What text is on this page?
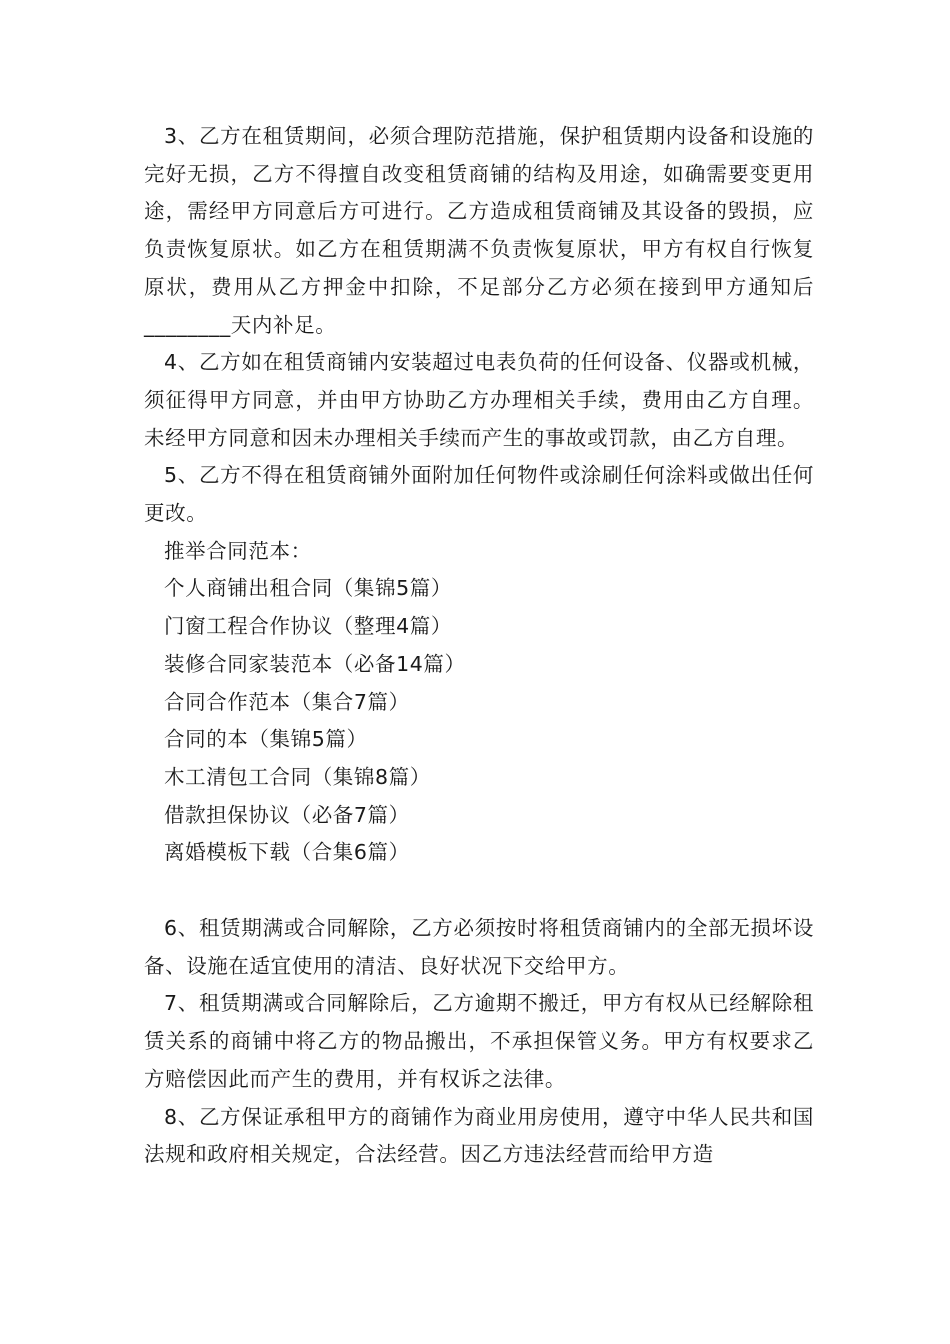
3、乙方在租赁期间，必须合理防范措施，保护租赁期内设备和设施的完好无损，乙方不得擅自改变租赁商铺的结构及用途，如确需要变更用途，需经甲方同意后方可进行。乙方造成租赁商铺及其设备的毁损，应负责恢复原状。如乙方在租赁期满不负责恢复原状，甲方有权自行恢复原状，费用从乙方押金中扣除，不足部分乙方必须在接到甲方通知后________天内补足。

4、乙方如在租赁商铺内安装超过电表负荷的任何设备、仪器或机械，须征得甲方同意，并由甲方协助乙方办理相关手续，费用由乙方自理。未经甲方同意和因未办理相关手续而产生的事故或罚款，由乙方自理。

5、乙方不得在租赁商铺外面附加任何物件或涂刷任何涂料或做出任何更改。

推举合同范本：

个人商铺出租合同（集锦5篇）

门窗工程合作协议（整理4篇）

装修合同家装范本（必备14篇）

合同合作范本（集合7篇）

合同的本（集锦5篇）

木工清包工合同（集锦8篇）

借款担保协议（必备7篇）

离婚模板下载（合集6篇）

6、租赁期满或合同解除，乙方必须按时将租赁商铺内的全部无损坏设备、设施在适宜使用的清洁、良好状况下交给甲方。

7、租赁期满或合同解除后，乙方逾期不搬迁，甲方有权从已经解除租赁关系的商铺中将乙方的物品搬出，不承担保管义务。甲方有权要求乙方赔偿因此而产生的费用，并有权诉之法律。

8、乙方保证承租甲方的商铺作为商业用房使用，遵守中华人民共和国法规和政府相关规定，合法经营。因乙方违法经营而给甲方造
